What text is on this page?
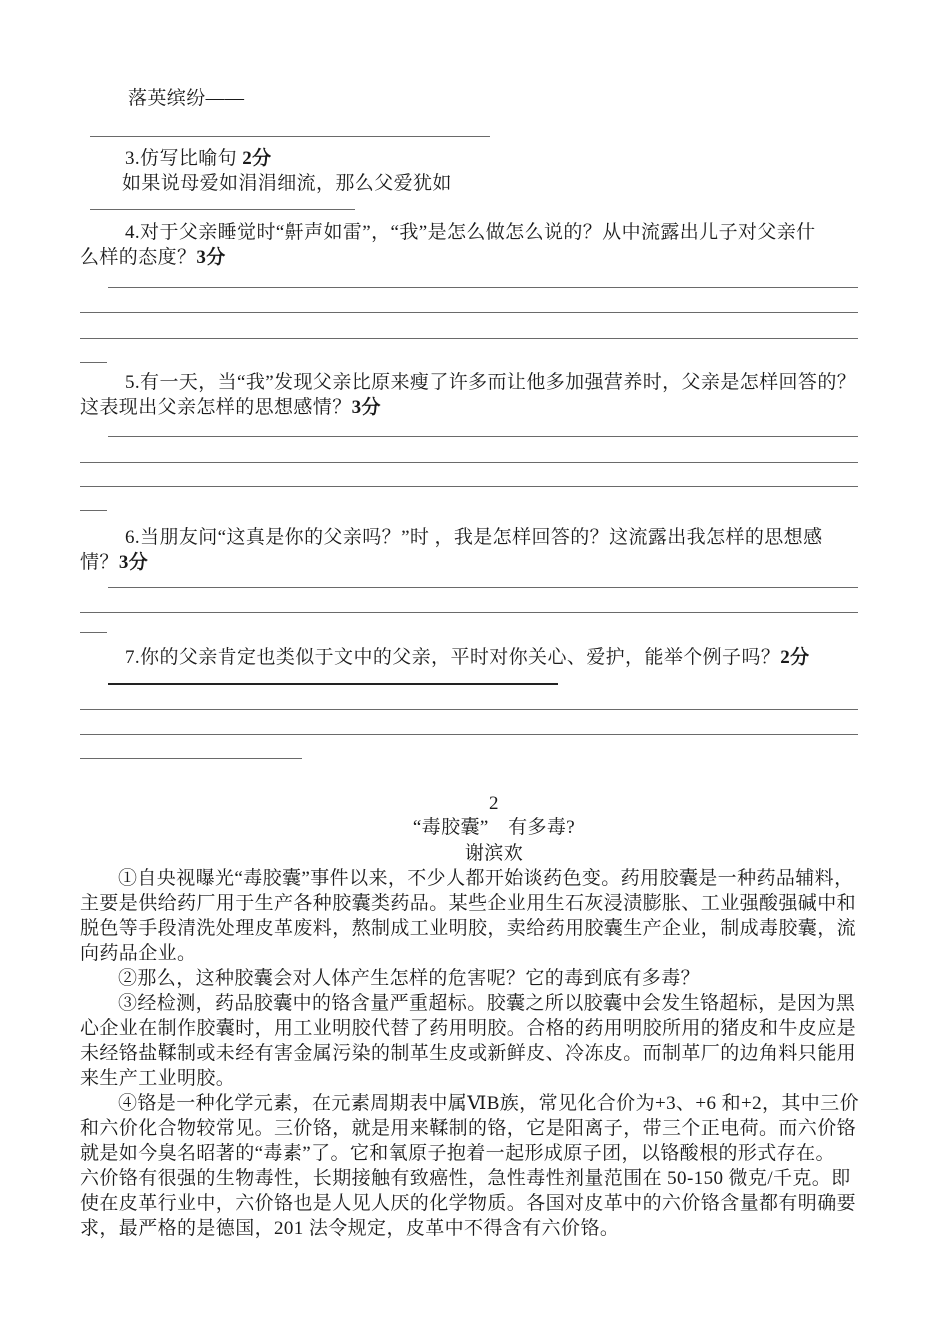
落英缤纷——
3.仿写比喻句 2分
如果说母爱如涓涓细流，那么父爱犹如
4.对于父亲睡觉时“鼾声如雷”，“我”是怎么做怎么说的？从中流露出儿子对父亲什
么样的态度？3分
5.有一天，当“我”发现父亲比原来瘦了许多而让他多加强营养时，父亲是怎样回答的？
这表现出父亲怎样的思想感情？3分
6.当朋友问“这真是你的父亲吗？”时 ，我是怎样回答的？这流露出我怎样的思想感
情？3分
7.你的父亲肯定也类似于文中的父亲，平时对你关心、爱护，能举个例子吗？2分
2
“毒胶囊”　有多毒?
谢滨欢
①自央视曝光“毒胶囊”事件以来，不少人都开始谈药色变。药用胶囊是一种药品辅料，
主要是供给药厂用于生产各种胶囊类药品。某些企业用生石灰浸渍膨胀、工业强酸强碱中和
脱色等手段清洗处理皮革废料，熬制成工业明胶，卖给药用胶囊生产企业，制成毒胶囊，流
向药品企业。
②那么，这种胶囊会对人体产生怎样的危害呢？它的毒到底有多毒？
③经检测，药品胶囊中的铬含量严重超标。胶囊之所以胶囊中会发生铬超标，是因为黑
心企业在制作胶囊时，用工业明胶代替了药用明胶。合格的药用明胶所用的猪皮和牛皮应是
未经铬盐鞣制或未经有害金属污染的制革生皮或新鲜皮、冷冻皮。而制革厂的边角料只能用
来生产工业明胶。
④铬是一种化学元素，在元素周期表中属ⅥB族，常见化合价为+3、+6 和+2，其中三价
和六价化合物较常见。三价铬，就是用来鞣制的铬，它是阳离子，带三个正电荷。而六价铬
就是如今臭名昭著的“毒素”了。它和氧原子抱着一起形成原子团，以铬酸根的形式存在。
六价铬有很强的生物毒性，长期接触有致癌性，急性毒性剂量范围在 50-150 微克/千克。即
使在皮革行业中，六价铬也是人见人厌的化学物质。各国对皮革中的六价铬含量都有明确要
求，最严格的是德国，201 法令规定，皮革中不得含有六价铬。
